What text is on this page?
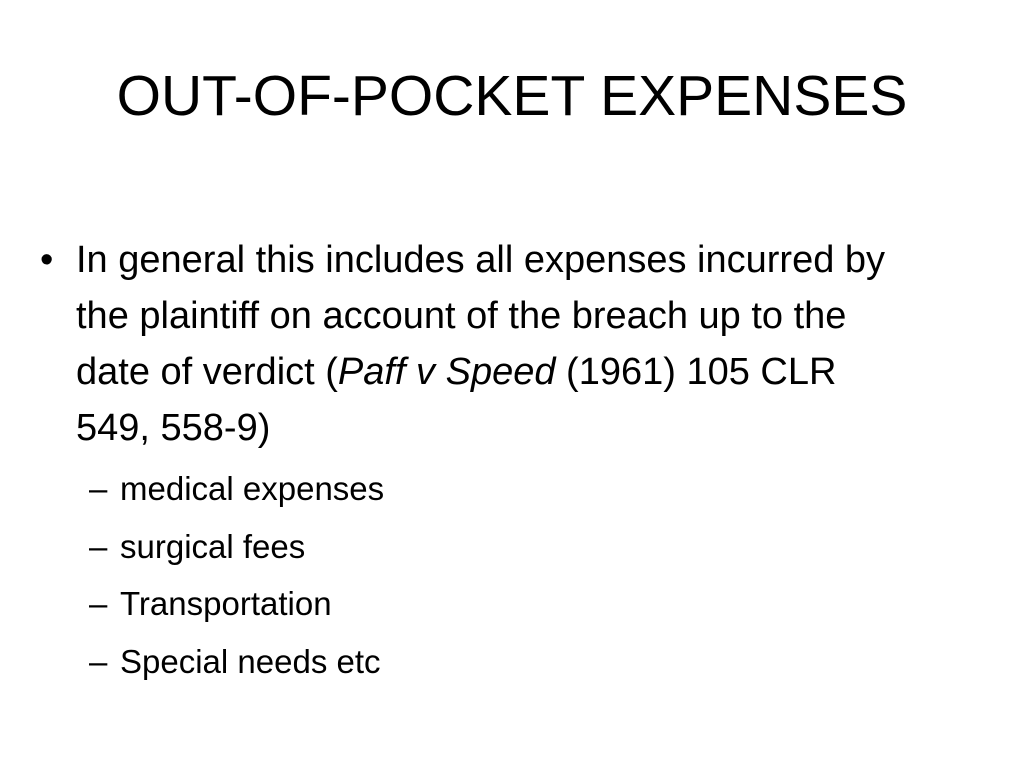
OUT-OF-POCKET EXPENSES
• In general this includes all expenses incurred by the plaintiff on account of the breach up to the date of verdict (Paff v Speed (1961) 105 CLR 549, 558-9)
– medical expenses
– surgical fees
– Transportation
– Special needs etc
